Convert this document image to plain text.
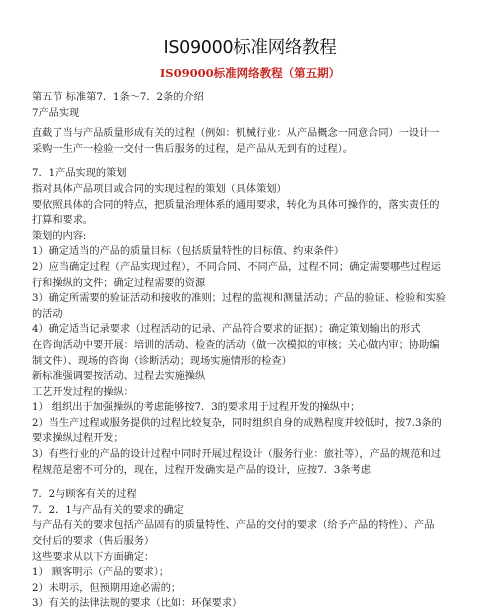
IS09000标准网络教程
IS09000标准网络教程（第五期）

第五节 标准第7．1条〜7．2条的介绍

7产品实现

直截了当与产品质量形成有关的过程（例如：机械行业：从产品概念一同意合同）一设计一

采购一生产一检验一交付一售后服务的过程，是产品从无到有的过程）。

7．1产品实现的策划

指对具体产品项目或合同的实现过程的策划（具体策划）

要依照具体的合同的特点，把质量治理体系的通用要求，转化为具体可操作的，落实责任的

打算和要求。

策划的内容:

1）确定适当的产品的质量目标（包括质量特性的目标值、约束条件）

2）应当确定过程（产品实现过程），不同合同、不同产品，过程不同；确定需要哪些过程运

行和操纵的文件；确定过程需要的资源

3）确定所需要的验证活动和接收的准则；过程的监视和测量活动；产品的验证、检验和实验

的活动

4）确定适当记录要求（过程活动的记录、产品符合要求的证据）；确定策划输出的形式

在咨询活动中要开展：培训的活动、检查的活动（做一次模拟的审核；关心做内审；协助编

制文件）、现场的咨询（诊断活动；现场实施情形的检查）

新标准强调要按活动、过程去实施操纵

工艺开发过程的操纵：

1） 组织出于加强操纵的考虑能够按7．3的要求用于过程开发的操纵中；

2）当生产过程或服务提供的过程比较复杂，同时组织自身的成熟程度并较低时，按7.3条的

要求操纵过程开发；

3）有些行业的产品的设计过程中同时开展过程设计（服务行业：旅社等），产品的规范和过

程规范是密不可分的，现在，过程开发确实是产品的设计，应按7．3条考虑

7．2与顾客有关的过程

7．2．1与产品有关的要求的确定

与产品有关的要求包括产品固有的质量特性、产品的交付的要求（给予产品的特性）、产品

交付后的要求（售后服务）

这些要求从以下方面确定：

1） 顾客明示（产品的要求）；

2）未明示，但预期用途必需的；

3）有关的法律法规的要求（比如：环保要求）
